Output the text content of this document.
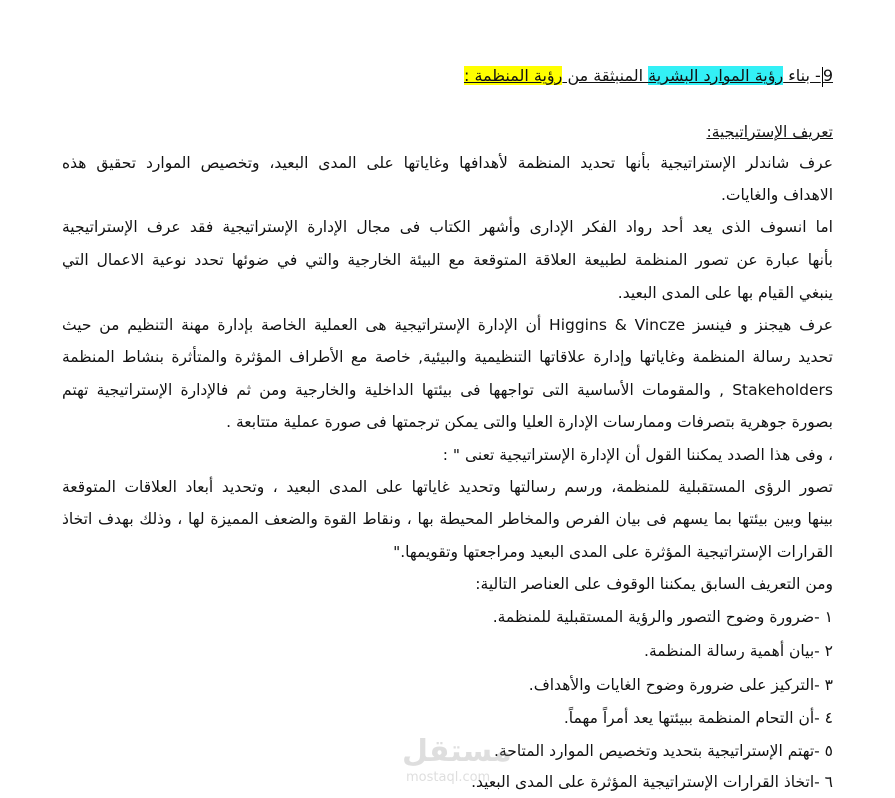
9- بناء رؤية الموارد البشرية المنبثقة من رؤية المنظمة :
تعريف الإستراتيجية:
عرف شاندلر الإستراتيجية بأنها تحديد المنظمة لأهدافها وغاياتها على المدى البعيد، وتخصيص الموارد تحقيق هذه
الاهداف والغايات.
اما انسوف الذى يعد أحد رواد الفكر الإدارى وأشهر الكتاب فى مجال الإدارة الإستراتيجية فقد عرف الإستراتيجية
بأنها عبارة عن تصور المنظمة لطبيعة العلاقة المتوقعة مع البيئة الخارجية والتي في ضوئها تحدد نوعية الاعمال التي
ينبغي القيام بها على المدى البعيد.
عرف هيجنز و فينسز Higgins & Vincze أن الإدارة الإستراتيجية هى العملية الخاصة بإدارة مهنة التنظيم من حيث
تحديد رسالة المنظمة وغاياتها وإدارة علاقاتها التنظيمية والبيئية, خاصة مع الأطراف المؤثرة والمتأثرة بنشاط المنظمة
Stakeholders , والمقومات الأساسية التى تواجهها فى بيئتها الداخلية والخارجية ومن ثم فالإدارة الإستراتيجية تهتم
بصورة جوهرية بتصرفات وممارسات الإدارة العليا والتى يمكن ترجمتها فى صورة عملية متتابعة .
، وفى هذا الصدد يمكننا القول أن الإدارة الإستراتيجية تعنى " :
تصور الرؤى المستقبلية للمنظمة، ورسم رسالتها وتحديد غاياتها على المدى البعيد ، وتحديد أبعاد العلاقات المتوقعة
بينها وبين بيئتها بما يسهم فى بيان الفرص والمخاطر المحيطة بها ، ونقاط القوة والضعف المميزة لها ، وذلك بهدف اتخاذ
القرارات الإستراتيجية المؤثرة على المدى البعيد ومراجعتها وتقويمها."
ومن التعريف السابق يمكننا الوقوف على العناصر التالية:
١ -ضرورة وضوح التصور والرؤية المستقبلية للمنظمة.
٢ -بيان أهمية رسالة المنظمة.
٣ -التركيز على ضرورة وضوح الغايات والأهداف.
٤ -أن التحام المنظمة ببيئتها يعد أمراً مهماً.
٥ -تهتم الإستراتيجية بتحديد وتخصيص الموارد المتاحة.
٦ -اتخاذ القرارات الإستراتيجية المؤثرة على المدى البعيد.
مستقل
mostaql.com
